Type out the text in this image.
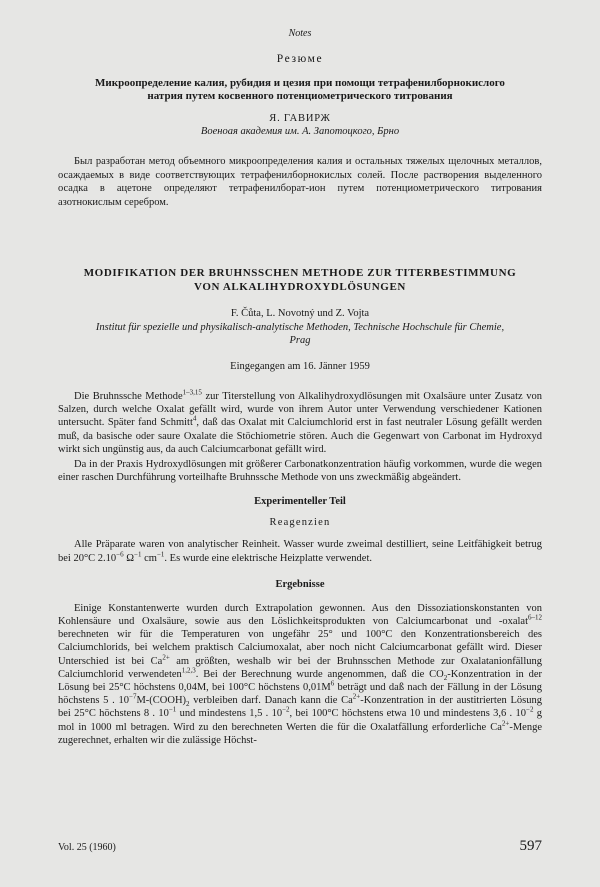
Notes
Резюме
Микроопределение калия, рубидия и цезия при помощи тетрафенилборнокислого
натрия путем косвенного потенциометрического титрования
Я. ГАВИРЖ
Военоая академия им. А. Запотоцкого, Брно
Был разработан метод объемного микроопределения калия и остальных тяжелых щелочных металлов, осаждаемых в виде соответствующих тетрафенилборнокислых солей. После растворения выделенного осадка в ацетоне определяют тетрафенилборат-ион путем потенциометрического титрования азотнокислым серебром.
MODIFIKATION DER BRUHNSSCHEN METHODE ZUR TITERBESTIMMUNG
VON ALKALIHYDROXYDLÖSUNGEN
F. Čůta, L. Novotný und Z. Vojta
Institut für spezielle und physikalisch-analytische Methoden, Technische Hochschule für Chemie,
Prag
Eingegangen am 16. Jänner 1959

Die Bruhnssche Methode$^{1-3,15}$ zur Titerstellung von Alkalihydroxydlösungen mit Oxalsäure unter Zusatz von Salzen, durch welche Oxalat gefällt wird, wurde von ihrem Autor unter Verwendung verschiedener Kationen untersucht. Später fand Schmitt$^4$, daß das Oxalat mit Calciumchlorid erst in fast neutraler Lösung gefällt werden muß, da basische oder saure Oxalate die Stöchiometrie stören. Auch die Gegenwart von Carbonat im Hydroxyd wirkt sich ungünstig aus, da auch Calciumcarbonat gefällt wird.

Da in der Praxis Hydroxydlösungen mit größerer Carbonatkonzentration häufig vorkommen, wurde die wegen einer raschen Durchführung vorteilhafte Bruhnssche Methode von uns zweckmäßig abgeändert.

Experimenteller Teil
Reagenzien

Alle Präparate waren von analytischer Reinheit. Wasser wurde zweimal destilliert, seine Leitfähigkeit betrug bei 20°C $2.10^{-6}$ $\Omega^{-1}$ $cm^{-1}$. Es wurde eine elektrische Heizplatte verwendet.

Ergebnisse

Einige Konstantenwerte wurden durch Extrapolation gewonnen. Aus den Dissoziationskonstanten von Kohlensäure und Oxalsäure, sowie aus den Löslichkeitsprodukten von Calciumcarbonat und -oxalat$^{6-12}$ berechneten wir für die Temperaturen von ungefähr 25° und 100°C den Konzentrationsbereich des Calciumchlorids, bei welchem praktisch Calciumoxalat, aber noch nicht Calciumcarbonat gefällt wird. Dieser Unterschied ist bei $Ca^{2+}$ am größten, weshalb wir bei der Bruhnsschen Methode zur Oxalatanionfällung Calciumchlorid verwendeten$^{1,2,3}$. Bei der Berechnung wurde angenommen, daß die $CO_2$-Konzentration in der Lösung bei 25°C höchstens 0,04M, bei 100°C höchstens $0,01M^6$ beträgt und daß nach der Fällung in der Lösung höchstens 5 . $10^{-7}M-(COOH)_2$ verbleiben darf. Danach kann die $Ca^{2+}$-Konzentration in der austitrierten Lösung bei 25°C höchstens 8 . $10^{-1}$ und mindestens 1,5 . $10^{-2}$, bei 100°C höchstens etwa 10 und mindestens 3,6 . $10^{-2}$ g mol in 1000 ml betragen. Wird zu den berechneten Werten die für die Oxalatfällung erforderliche $Ca^{2+}$-Menge zugerechnet, erhalten wir die zulässige Höchst-

Vol. 25 (1960)	597
